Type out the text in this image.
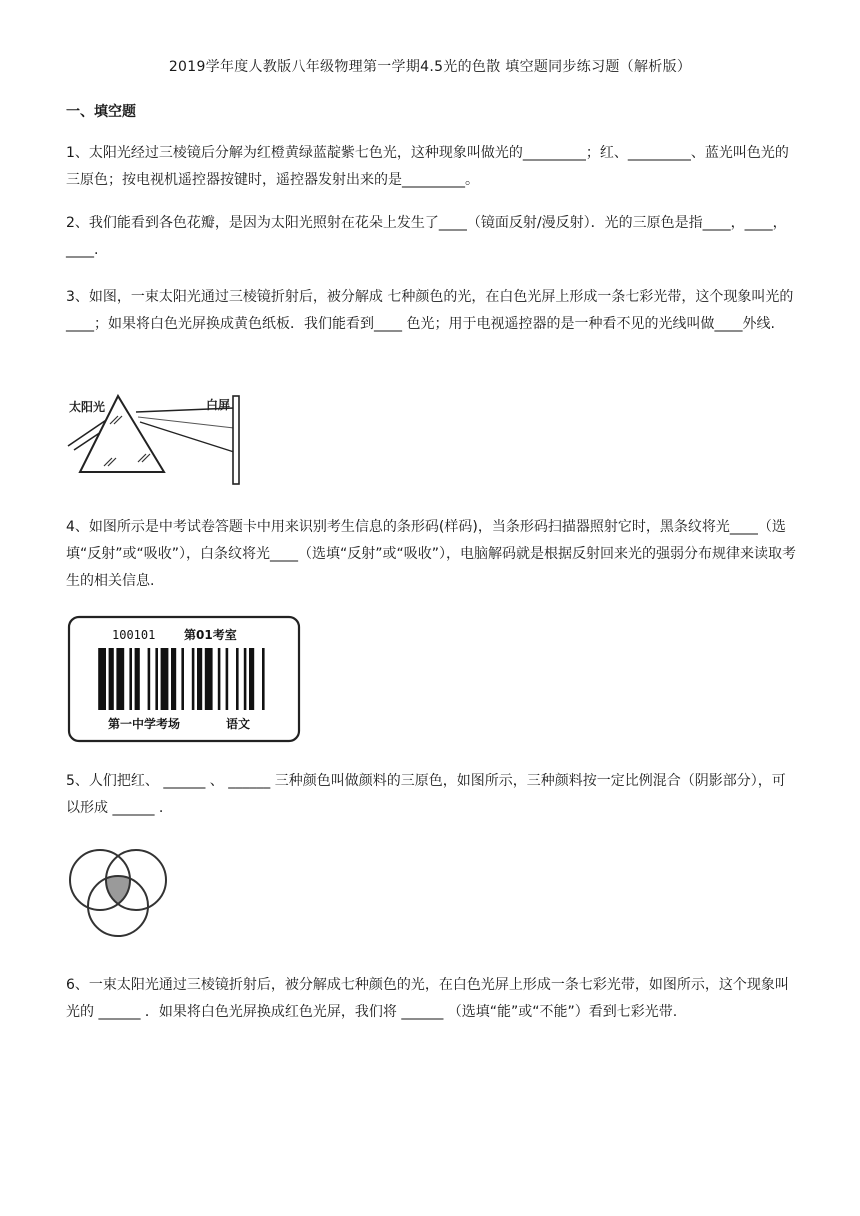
2019学年度人教版八年级物理第一学期4.5光的色散 填空题同步练习题（解析版）
一、填空题

1、太阳光经过三棱镜后分解为红橙黄绿蓝靛紫七色光，这种现象叫做光的_________；红、_________、蓝光叫色光的三原色；按电视机遥控器按键时，遥控器发射出来的是_________。

2、我们能看到各色花瓣，是因为太阳光照射在花朵上发生了____（镜面反射/漫反射）．光的三原色是指____，____，____.

3、如图，一束太阳光通过三棱镜折射后，被分解成 七种颜色的光，在白色光屏上形成一条七彩光带，这个现象叫光的____；如果将白色光屏换成黄色纸板．我们能看到____ 色光；用于电视遥控器的是一种看不见的光线叫做____外线.

太阳光	白屏

4、如图所示是中考试卷答题卡中用来识别考生信息的条形码(样码)，当条形码扫描器照射它时，黑条纹将光____（选填“反射”或“吸收”），白条纹将光____（选填“反射”或“吸收”），电脑解码就是根据反射回来光的强弱分布规律来读取考生的相关信息.

100101 第01考室
第一中学考场	语文

5、人们把红、 ______ 、 ______ 三种颜色叫做颜料的三原色，如图所示，三种颜料按一定比例混合（阴影部分），可以形成 ______ .

6、一束太阳光通过三棱镜折射后，被分解成七种颜色的光，在白色光屏上形成一条七彩光带，如图所示，这个现象叫光的 ______ ．如果将白色光屏换成红色光屏，我们将 ______ （选填“能”或“不能”）看到七彩光带.
